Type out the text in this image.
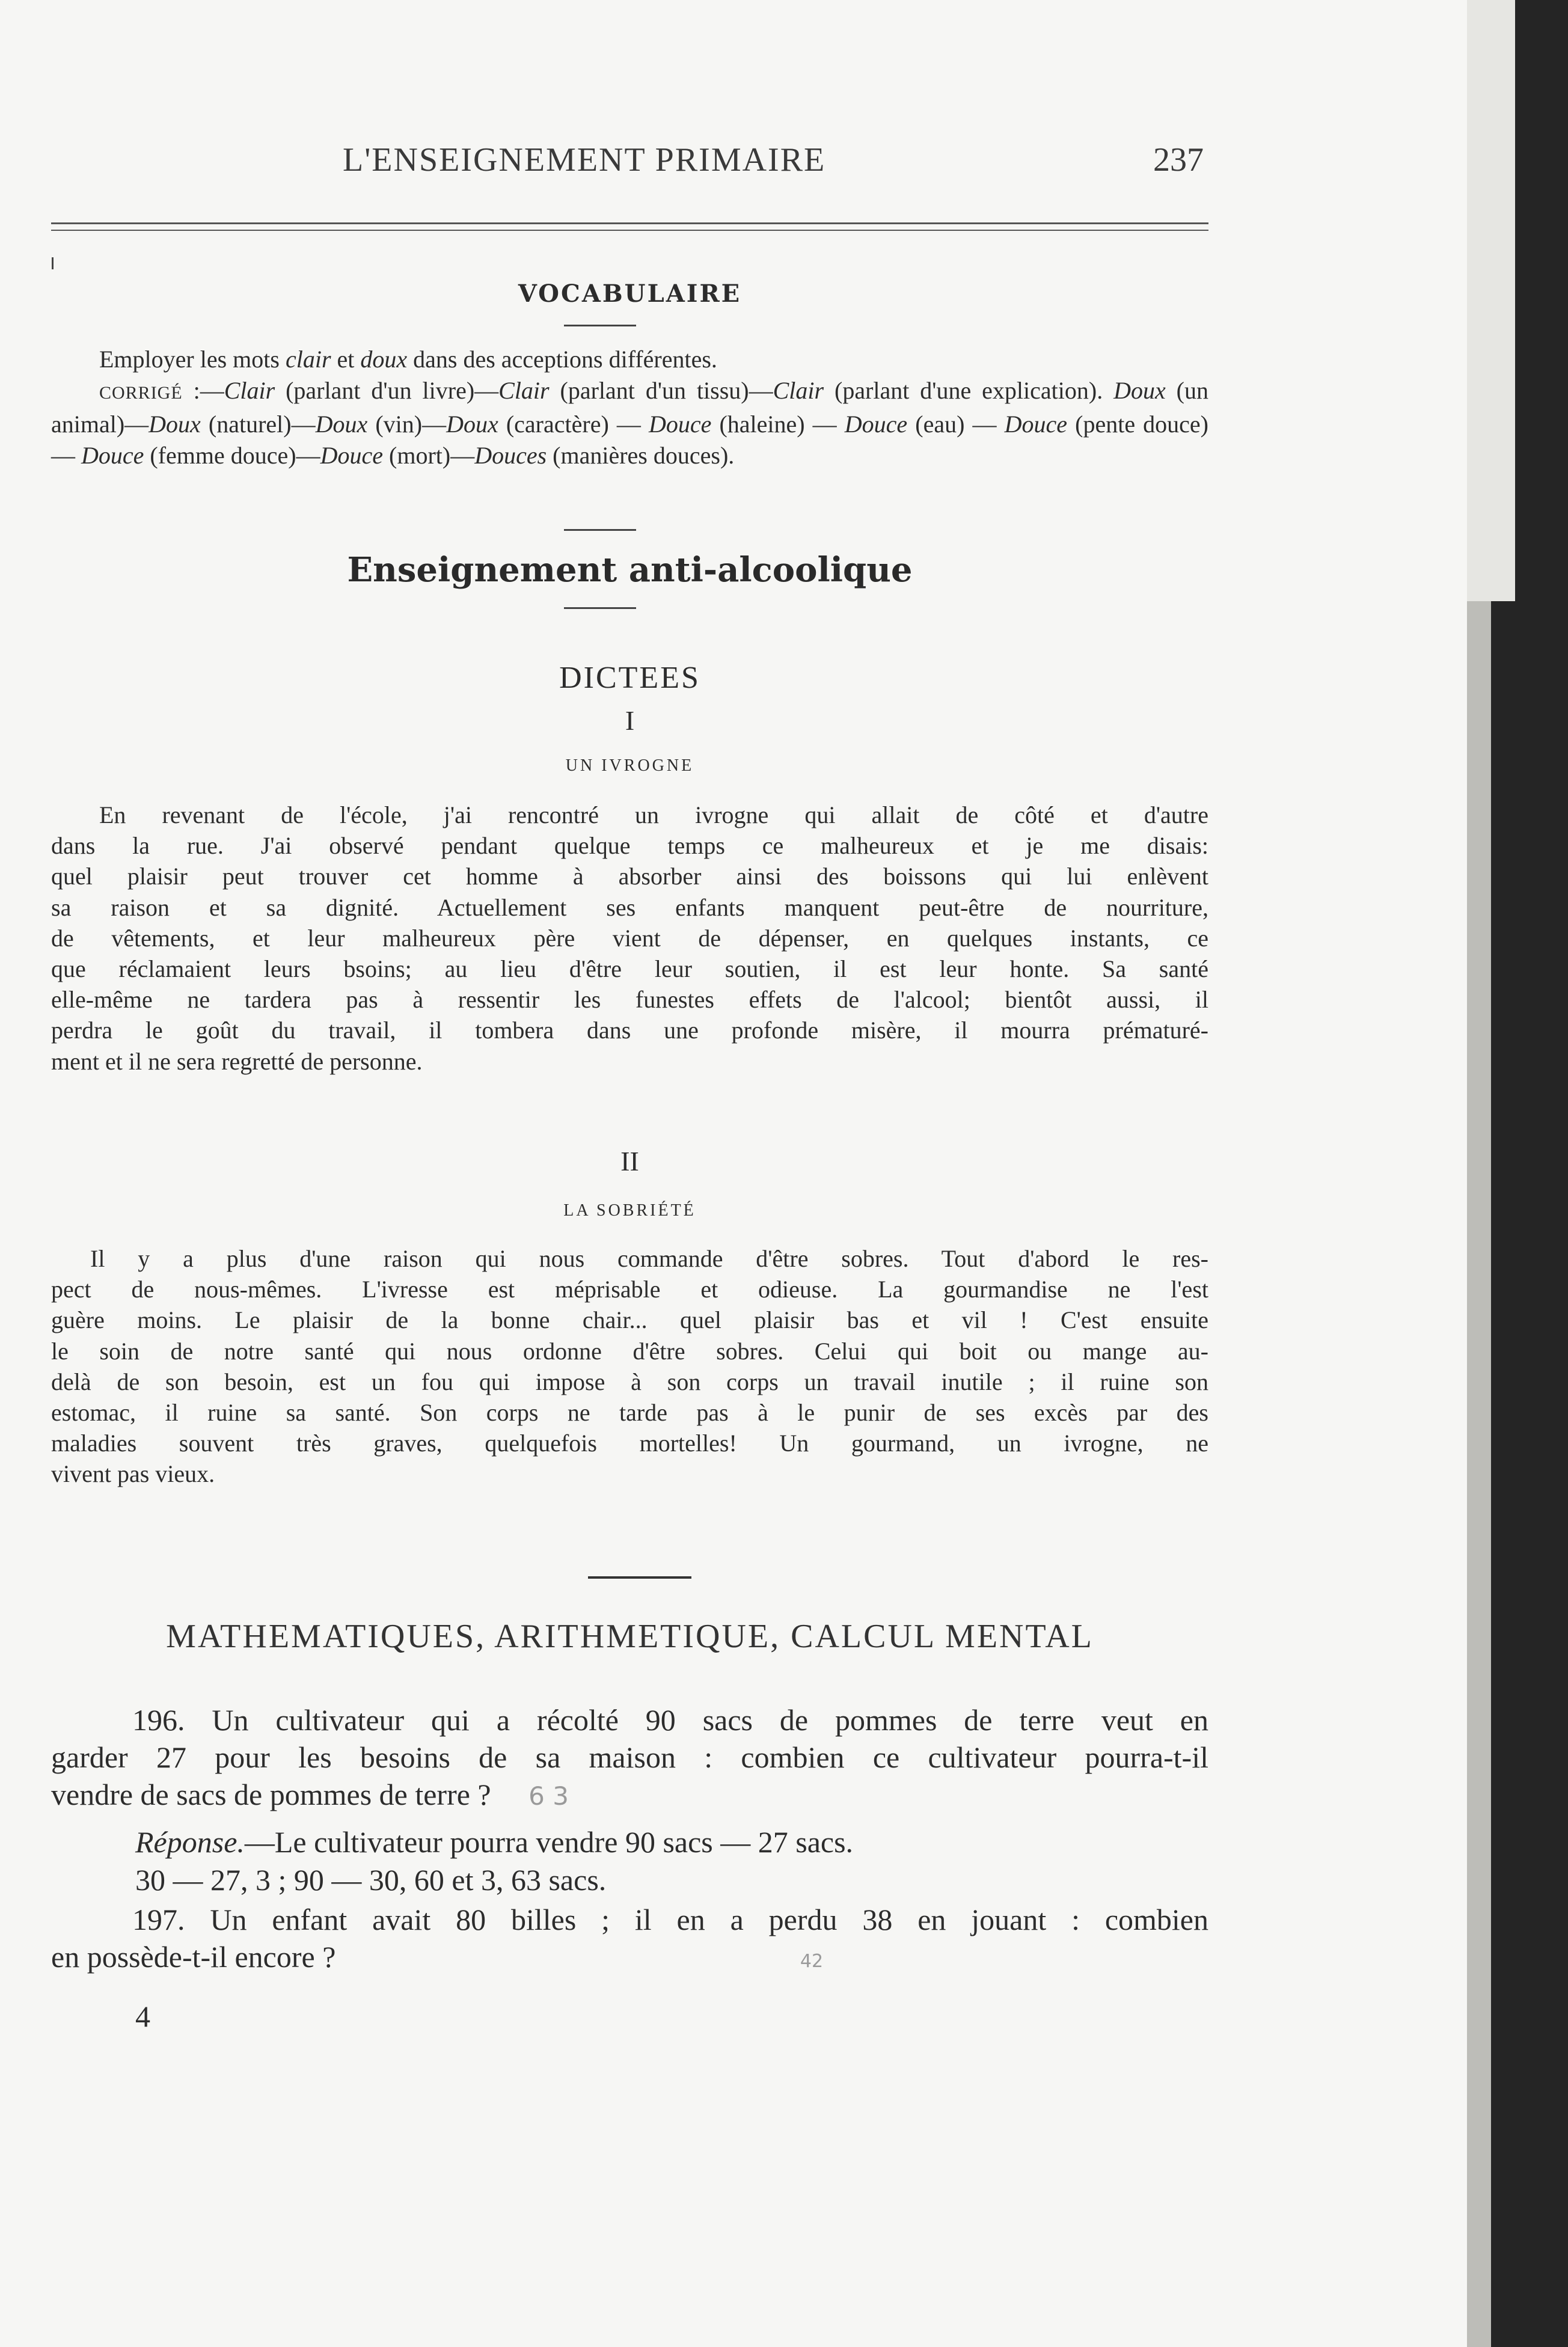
L'ENSEIGNEMENT PRIMAIRE	237
VOCABULAIRE
Employer les mots clair et doux dans des acceptions différentes.
CORRIGÉ :—Clair (parlant d'un livre)—Clair (parlant d'un tissu)—Clair (parlant d'une explication). Doux (un animal)—Doux (naturel)—Doux (vin)—Doux (caractère) — Douce (haleine) — Douce (eau) — Douce (pente douce) — Douce (femme douce)—Douce (mort)—Douces (manières douces).
Enseignement anti-alcoolique
DICTEES
I
UN IVROGNE
En revenant de l'école, j'ai rencontré un ivrogne qui allait de côté et d'autre
dans la rue. J'ai observé pendant quelque temps ce malheureux et je me disais:
quel plaisir peut trouver cet homme à absorber ainsi des boissons qui lui enlèvent
sa raison et sa dignité. Actuellement ses enfants manquent peut-être de nourriture,
de vêtements, et leur malheureux père vient de dépenser, en quelques instants, ce
que réclamaient leurs bsoins; au lieu d'être leur soutien, il est leur honte. Sa santé
elle-même ne tardera pas à ressentir les funestes effets de l'alcool; bientôt aussi, il
perdra le goût du travail, il tombera dans une profonde misère, il mourra prématuré-
ment et il ne sera regretté de personne.
II
LA SOBRIÉTÉ
Il y a plus d'une raison qui nous commande d'être sobres. Tout d'abord le res-
pect de nous-mêmes. L'ivresse est méprisable et odieuse. La gourmandise ne l'est
guère moins. Le plaisir de la bonne chair... quel plaisir bas et vil ! C'est ensuite
le soin de notre santé qui nous ordonne d'être sobres. Celui qui boit ou mange au-
delà de son besoin, est un fou qui impose à son corps un travail inutile ; il ruine son
estomac, il ruine sa santé. Son corps ne tarde pas à le punir de ses excès par des
maladies souvent très graves, quelquefois mortelles! Un gourmand, un ivrogne, ne
vivent pas vieux.
MATHEMATIQUES, ARITHMETIQUE, CALCUL MENTAL
196. Un cultivateur qui a récolté 90 sacs de pommes de terre veut en
garder 27 pour les besoins de sa maison : combien ce cultivateur pourra-t-il
vendre de sacs de pommes de terre ? 6 3
Réponse.—Le cultivateur pourra vendre 90 sacs — 27 sacs.
30 — 27, 3 ; 90 — 30, 60 et 3, 63 sacs.
197. Un enfant avait 80 billes ; il en a perdu 38 en jouant : combien
en possède-t-il encore ?	42
4
